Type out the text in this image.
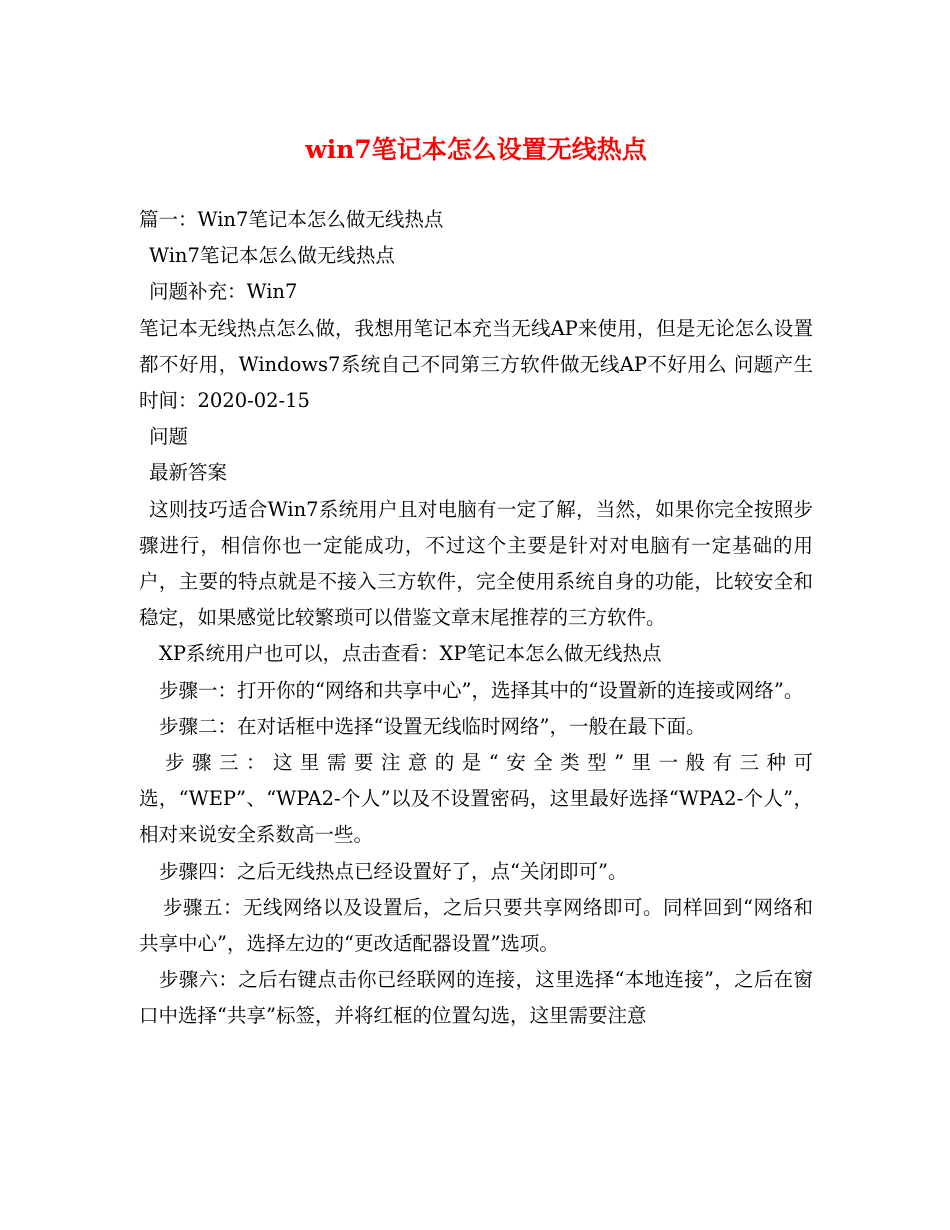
win7笔记本怎么设置无线热点
篇一：Win7笔记本怎么做无线热点
Win7笔记本怎么做无线热点
问题补充：Win7

笔记本无线热点怎么做，我想用笔记本充当无线AP来使用，但是无论怎么设置都不好用，Windows7系统自己不同第三方软件做无线AP不好用么 问题产生时间：2020-02-15

问题
最新答案

这则技巧适合Win7系统用户且对电脑有一定了解，当然，如果你完全按照步骤进行，相信你也一定能成功，不过这个主要是针对对电脑有一定基础的用户，主要的特点就是不接入三方软件，完全使用系统自身的功能，比较安全和稳定，如果感觉比较繁琐可以借鉴文章末尾推荐的三方软件。

XP系统用户也可以，点击查看：XP笔记本怎么做无线热点

步骤一：打开你的“网络和共享中心”，选择其中的“设置新的连接或网络”。

步骤二：在对话框中选择“设置无线临时网络”，一般在最下面。

步骤三：这里需要注意的是“安全类型”里一般有三种可选，“WEP”、“WPA2-个人”以及不设置密码，这里最好选择“WPA2-个人”，相对来说安全系数高一些。

步骤四：之后无线热点已经设置好了，点“关闭即可”。

步骤五：无线网络以及设置后，之后只要共享网络即可。同样回到“网络和共享中心”，选择左边的“更改适配器设置”选项。

步骤六：之后右键点击你已经联网的连接，这里选择“本地连接”，之后在窗口中选择“共享”标签，并将红框的位置勾选，这里需要注意
